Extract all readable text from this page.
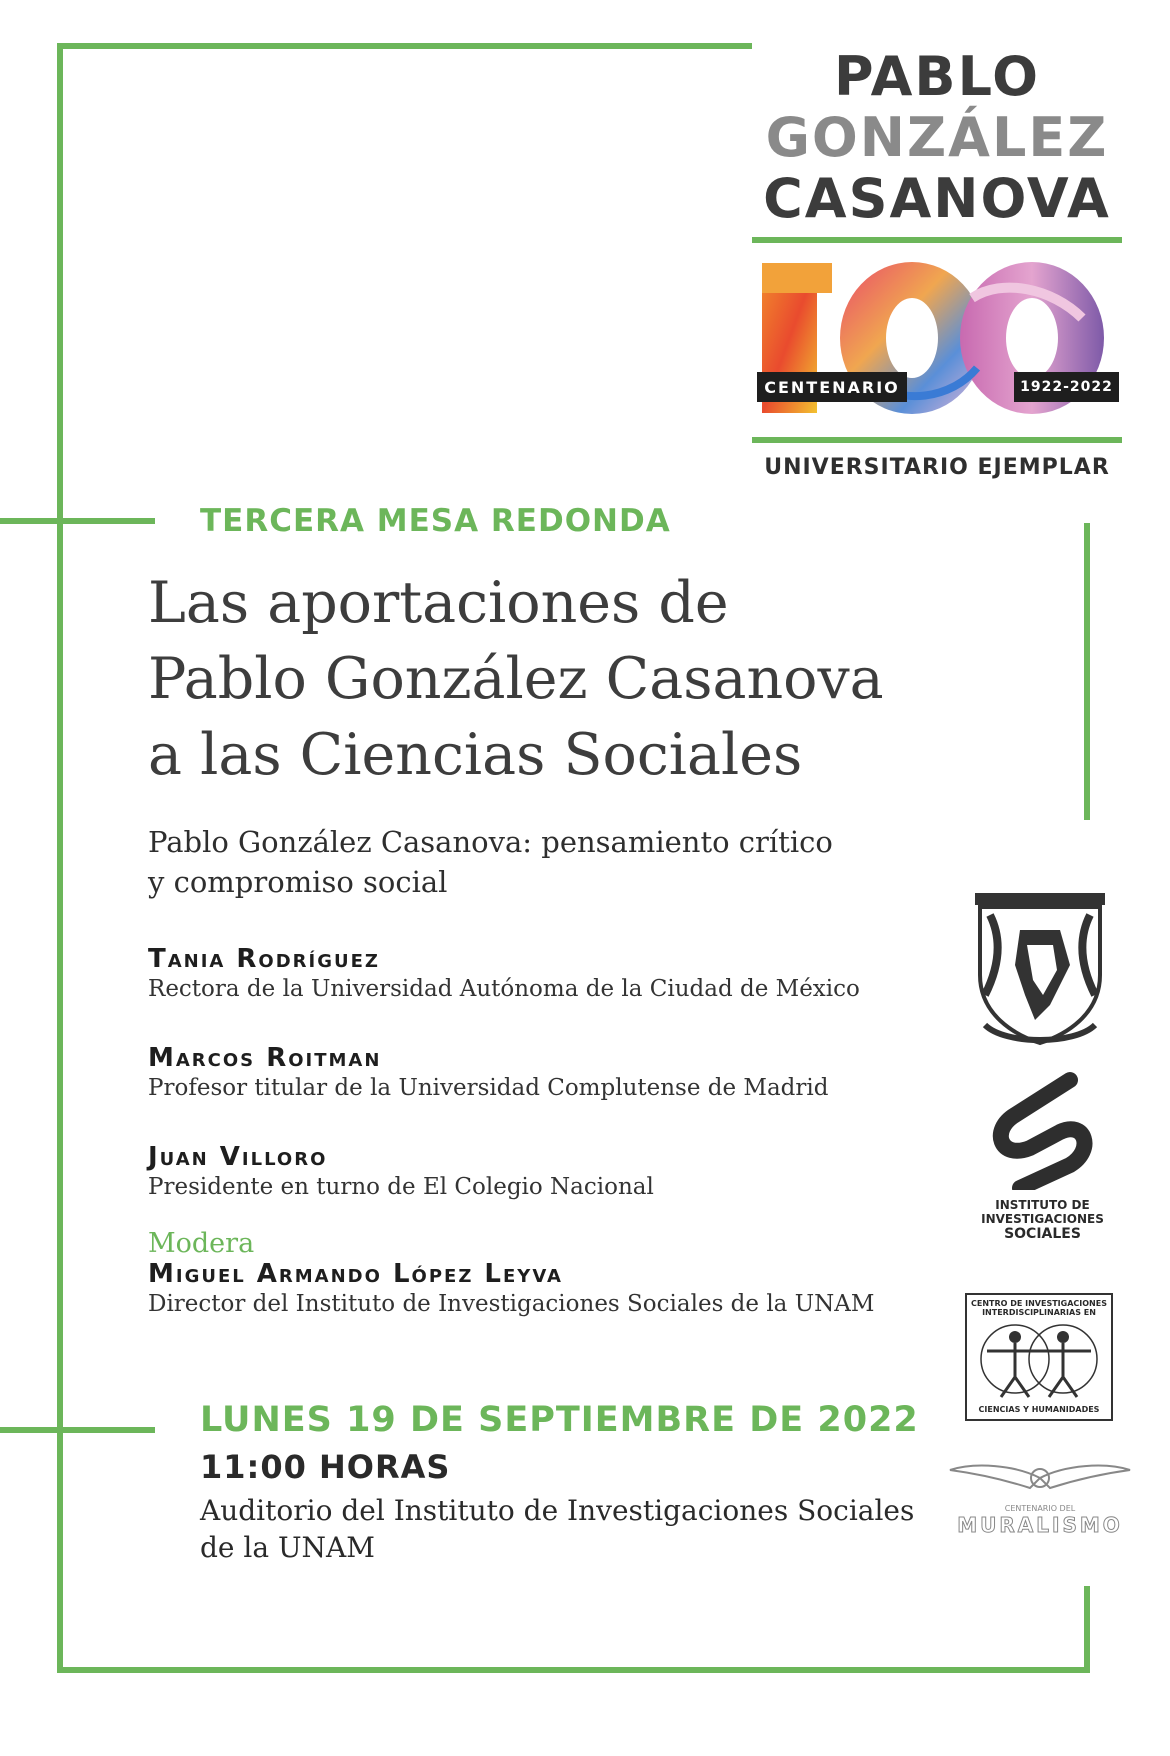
PABLO
GONZÁLEZ
CASANOVA
CENTENARIO	1922-2022
UNIVERSITARIO EJEMPLAR
TERCERA MESA REDONDA
Las aportaciones de
Pablo González Casanova
a las Ciencias Sociales
Pablo González Casanova: pensamiento crítico
y compromiso social
Tania Rodríguez
Rectora de la Universidad Autónoma de la Ciudad de México
Marcos Roitman
Profesor titular de la Universidad Complutense de Madrid
Juan Villoro
Presidente en turno de El Colegio Nacional
Modera
Miguel Armando López Leyva
Director del Instituto de Investigaciones Sociales de la UNAM
LUNES 19 DE SEPTIEMBRE DE 2022
11:00 HORAS
Auditorio del Instituto de Investigaciones Sociales
de la UNAM
INSTITUTO DE
INVESTIGACIONES
SOCIALES
CENTRO DE INVESTIGACIONES
INTERDISCIPLINARIAS EN
CIENCIAS Y HUMANIDADES
CENTENARIO DEL
MURALISMO
